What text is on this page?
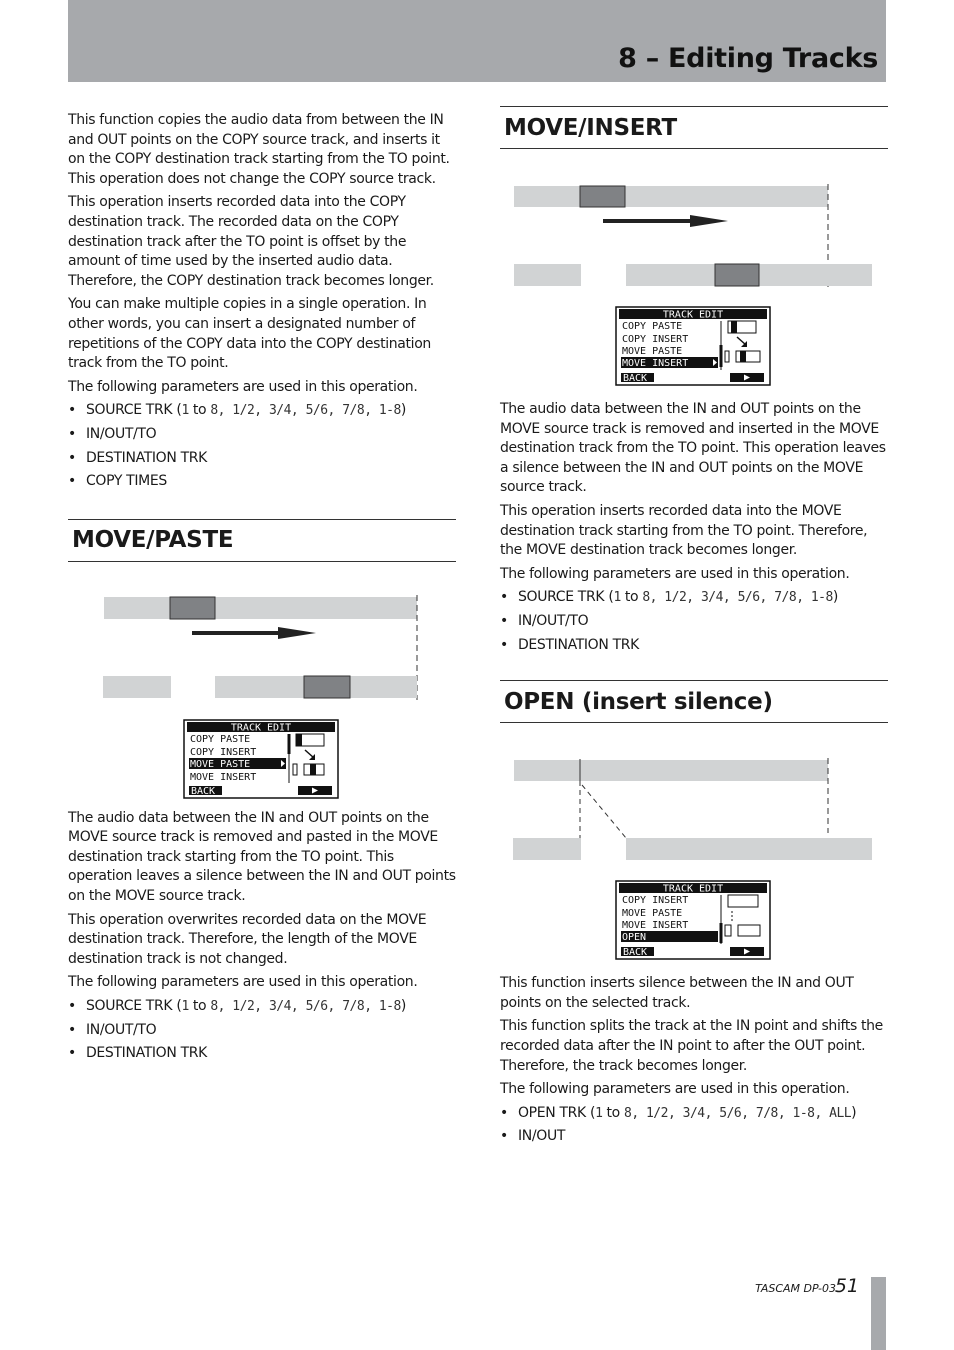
8 – Editing Tracks

This function copies the audio data from between the IN and OUT points on the COPY source track, and inserts it on the COPY destination track starting from the TO point. This operation does not change the COPY source track.

This operation inserts recorded data into the COPY destination track. The recorded data on the COPY destination track after the TO point is offset by the amount of time used by the inserted audio data. Therefore, the COPY destination track becomes longer.

You can make multiple copies in a single operation. In other words, you can insert a designated number of repetitions of the COPY data into the COPY destination track from the TO point.

The following parameters are used in this operation.

• SOURCE TRK (1 to 8, 1/2, 3/4, 5/6, 7/8, 1-8)
• IN/OUT/TO
• DESTINATION TRK
• COPY TIMES
MOVE/PASTE
TRACK EDIT
COPY PASTE
COPY INSERT
MOVE PASTE
MOVE INSERT
BACK

The audio data between the IN and OUT points on the MOVE source track is removed and pasted in the MOVE destination track starting from the TO point. This operation leaves a silence between the IN and OUT points on the MOVE source track.

This operation overwrites recorded data on the MOVE destination track. Therefore, the length of the MOVE destination track is not changed.

The following parameters are used in this operation.

• SOURCE TRK (1 to 8, 1/2, 3/4, 5/6, 7/8, 1-8)
• IN/OUT/TO
• DESTINATION TRK
MOVE/INSERT
TRACK EDIT
COPY PASTE
COPY INSERT
MOVE PASTE
MOVE INSERT
BACK

The audio data between the IN and OUT points on the MOVE source track is removed and inserted in the MOVE destination track from the TO point. This operation leaves a silence between the IN and OUT points on the MOVE source track.

This operation inserts recorded data into the MOVE destination track starting from the TO point. Therefore, the MOVE destination track becomes longer.

The following parameters are used in this operation.

• SOURCE TRK (1 to 8, 1/2, 3/4, 5/6, 7/8, 1-8)
• IN/OUT/TO
• DESTINATION TRK
OPEN (insert silence)
TRACK EDIT
COPY INSERT
MOVE PASTE
MOVE INSERT
OPEN
BACK

This function inserts silence between the IN and OUT points on the selected track.

This function splits the track at the IN point and shifts the recorded data after the IN point to after the OUT point. Therefore, the track becomes longer.

The following parameters are used in this operation.

• OPEN TRK (1 to 8, 1/2, 3/4, 5/6, 7/8, 1-8, ALL)
• IN/OUT
TASCAM DP-03
51
